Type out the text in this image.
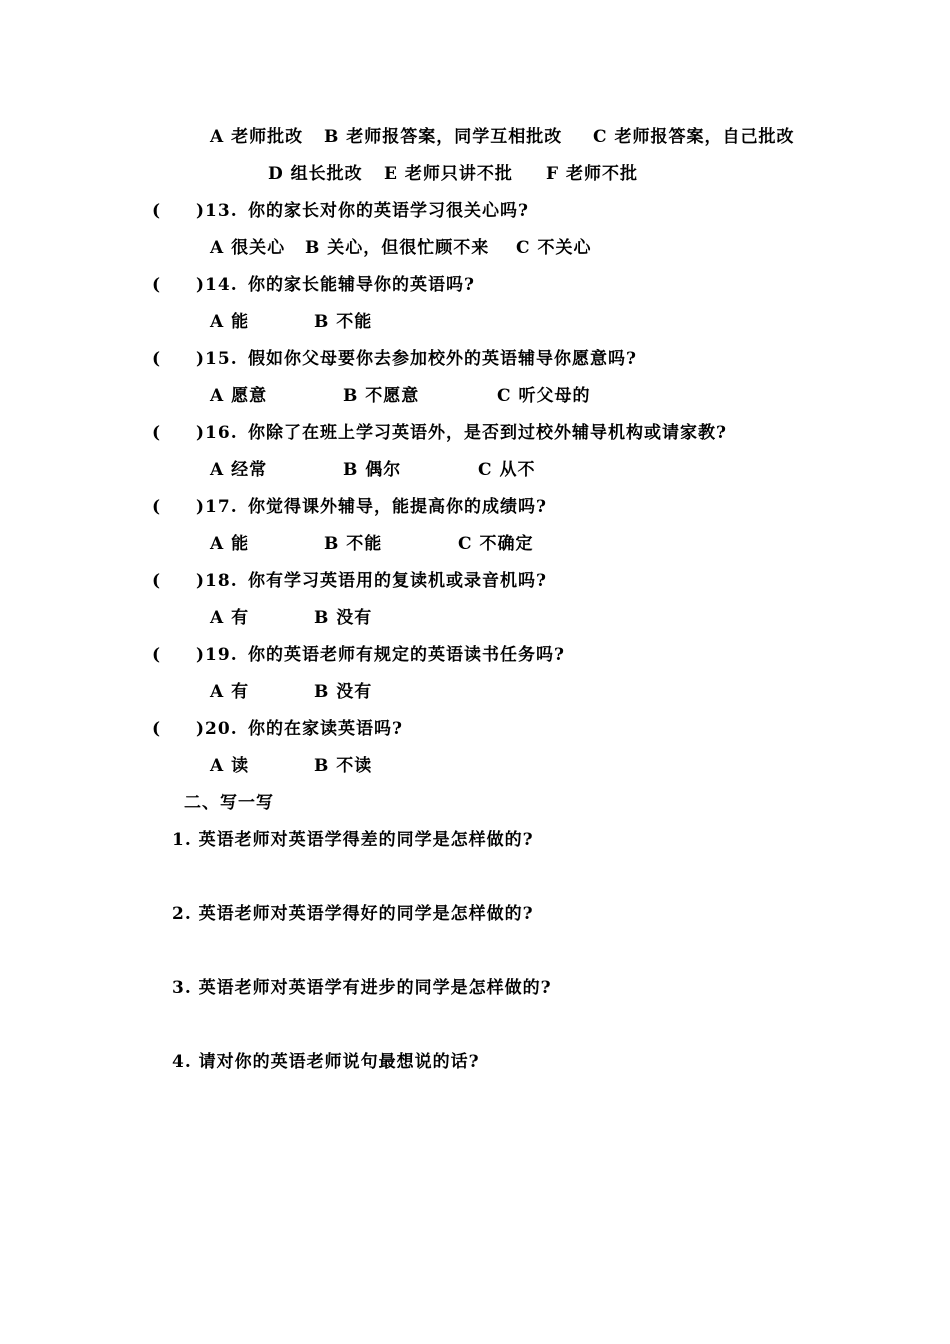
A 老师批改 B 老师报答案，同学互相批改 C 老师报答案，自己批改
D 组长批改 E 老师只讲不批 F 老师不批
( )13. 你的家长对你的英语学习很关心吗?
A 很关心 B 关心，但很忙顾不来 C 不关心
( )14. 你的家长能辅导你的英语吗?
A 能	B 不能
( )15. 假如你父母要你去参加校外的英语辅导你愿意吗?
A 愿意	B 不愿意	C 听父母的
( )16. 你除了在班上学习英语外，是否到过校外辅导机构或请家教?
A 经常	B 偶尔	C 从不
( )17. 你觉得课外辅导，能提高你的成绩吗?
A 能	B 不能	C 不确定
( )18. 你有学习英语用的复读机或录音机吗?
A 有	B 没有
( )19. 你的英语老师有规定的英语读书任务吗?
A 有	B 没有
( )20. 你的在家读英语吗?
A 读	B 不读
二、写一写
1. 英语老师对英语学得差的同学是怎样做的?
2. 英语老师对英语学得好的同学是怎样做的?
3. 英语老师对英语学有进步的同学是怎样做的?
4. 请对你的英语老师说句最想说的话?
